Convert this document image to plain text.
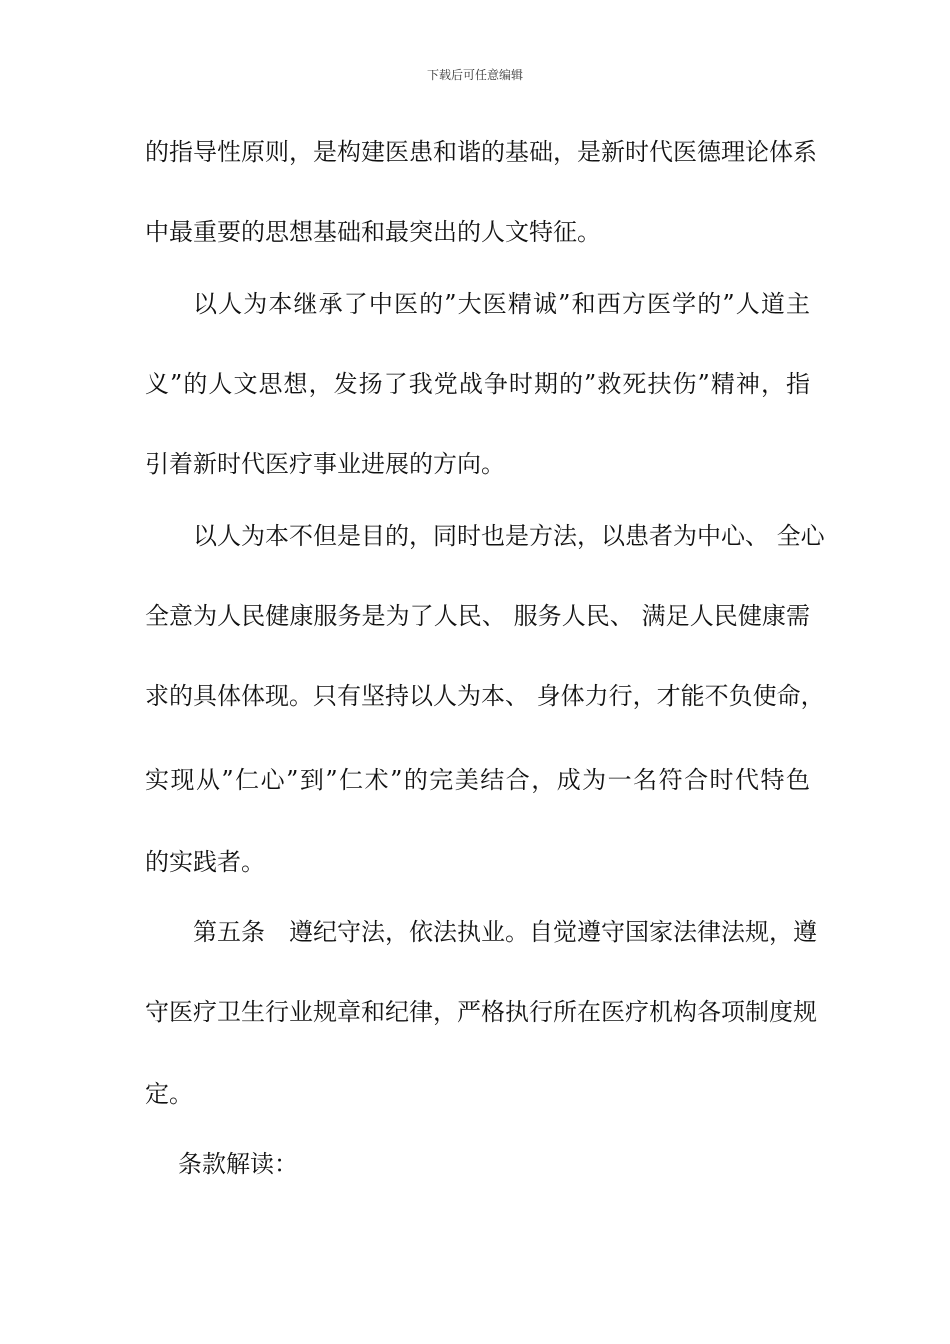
下载后可任意编辑
的指导性原则，是构建医患和谐的基础，是新时代医德理论体系
中最重要的思想基础和最突出的人文特征。
以人为本继承了中医的”大医精诚”和西方医学的”人道主
义”的人文思想，发扬了我党战争时期的”救死扶伤”精神，指
引着新时代医疗事业进展的方向。
以人为本不但是目的，同时也是方法，以患者为中心、 全心
全意为人民健康服务是为了人民、 服务人民、 满足人民健康需
求的具体体现。只有坚持以人为本、 身体力行，才能不负使命，
实现从”仁心”到”仁术”的完美结合，成为一名符合时代特色
的实践者。
第五条　遵纪守法，依法执业。自觉遵守国家法律法规，遵
守医疗卫生行业规章和纪律，严格执行所在医疗机构各项制度规
定。
条款解读：
